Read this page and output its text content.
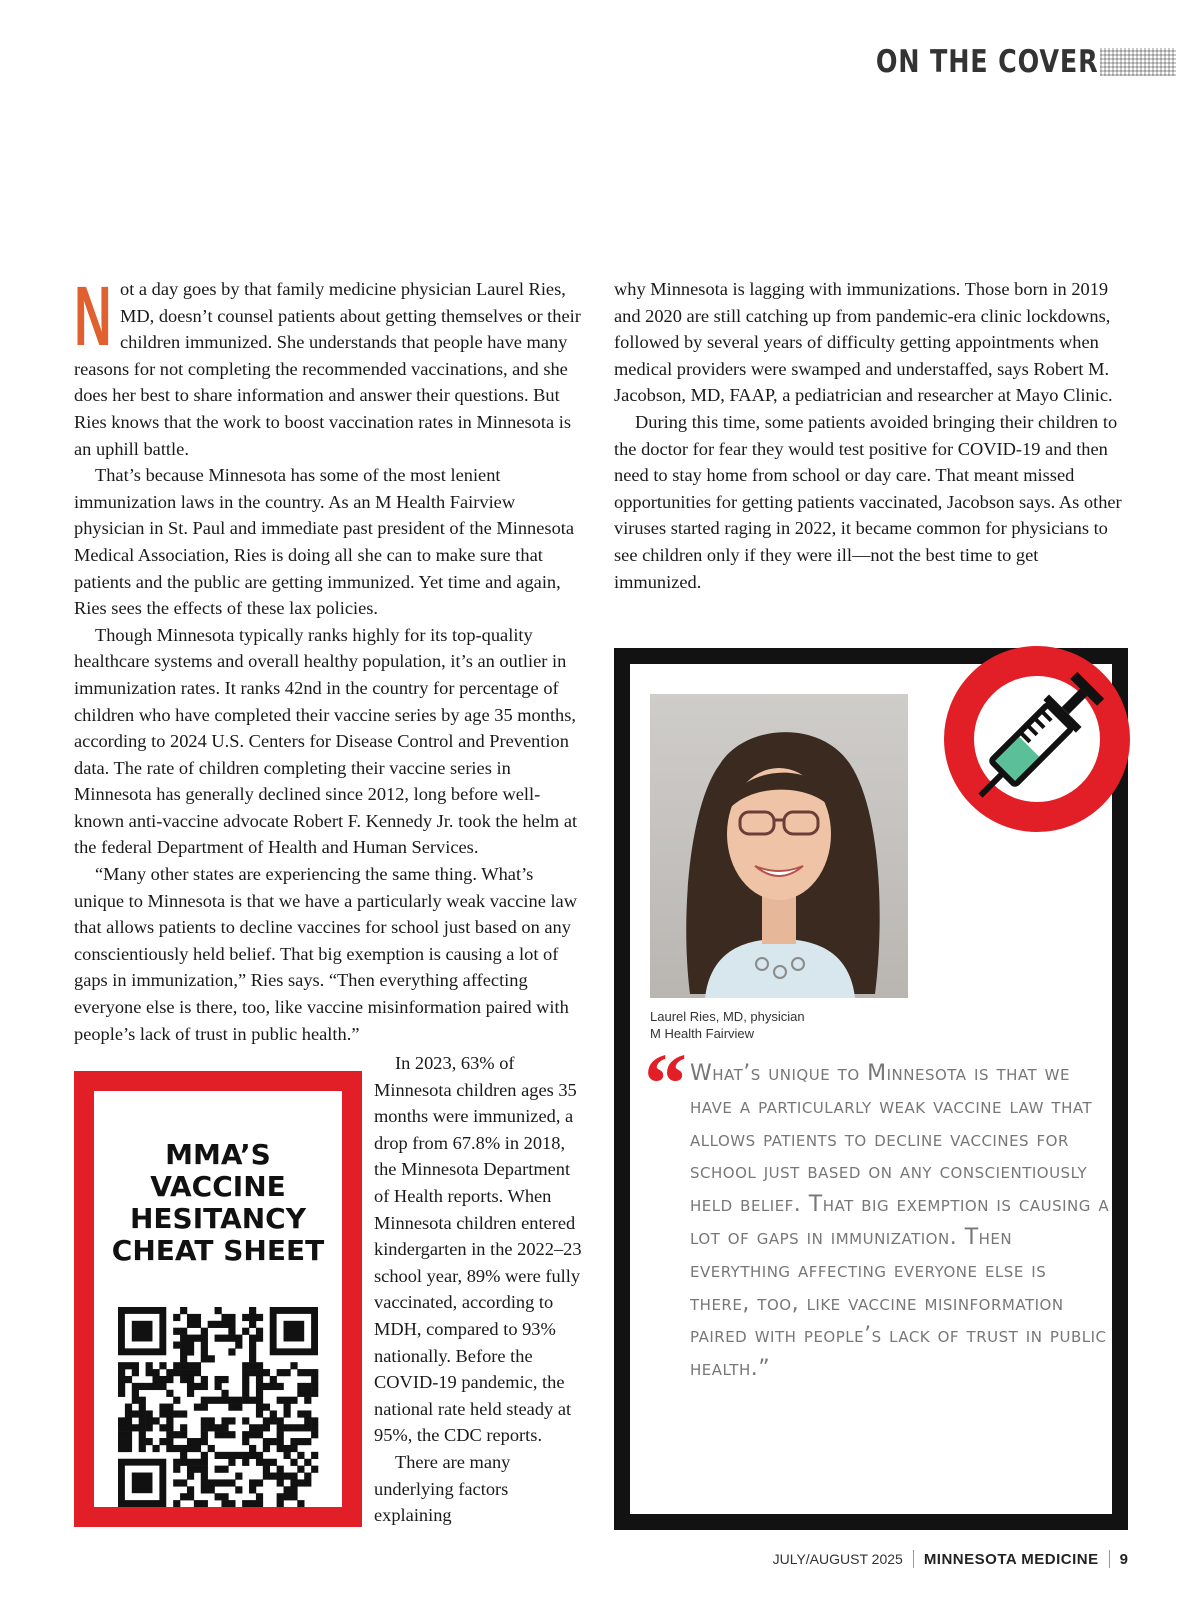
ON THE COVER

Not a day goes by that family medicine physician Laurel Ries, MD, doesn’t counsel patients about getting themselves or their children immunized. She understands that people have many reasons for not completing the recommended vaccinations, and she does her best to share information and answer their questions. But Ries knows that the work to boost vaccination rates in Minnesota is an uphill battle.

That’s because Minnesota has some of the most lenient immunization laws in the country. As an M Health Fairview physician in St. Paul and immediate past president of the Minnesota Medical Association, Ries is doing all she can to make sure that patients and the public are getting immunized. Yet time and again, Ries sees the effects of these lax policies.

Though Minnesota typically ranks highly for its top-quality healthcare systems and overall healthy population, it’s an outlier in immunization rates. It ranks 42nd in the country for percentage of children who have completed their vaccine series by age 35 months, according to 2024 U.S. Centers for Disease Control and Prevention data. The rate of children completing their vaccine series in Minnesota has generally declined since 2012, long before well-known anti-vaccine advocate Robert F. Kennedy Jr. took the helm at the federal Department of Health and Human Services.

“Many other states are experiencing the same thing. What’s unique to Minnesota is that we have a particularly weak vaccine law that allows patients to decline vaccines for school just based on any conscientiously held belief. That big exemption is causing a lot of gaps in immunization,” Ries says. “Then everything affecting everyone else is there, too, like vaccine misinformation paired with people’s lack of trust in public health.”

In 2023, 63% of Minnesota children ages 35 months were immunized, a drop from 67.8% in 2018, the Minnesota Department of Health reports. When Minnesota children entered kindergarten in the 2022–23 school year, 89% were fully vaccinated, according to MDH, compared to 93% nationally. Before the COVID-19 pandemic, the national rate held steady at 95%, the CDC reports.

There are many underlying factors explaining

why Minnesota is lagging with immunizations. Those born in 2019 and 2020 are still catching up from pandemic-era clinic lockdowns, followed by several years of difficulty getting appointments when medical providers were swamped and understaffed, says Robert M. Jacobson, MD, FAAP, a pediatrician and researcher at Mayo Clinic.

During this time, some patients avoided bringing their children to the doctor for fear they would test positive for COVID-19 and then need to stay home from school or day care. That meant missed opportunities for getting patients vaccinated, Jacobson says. As other viruses started raging in 2022, it became common for physicians to see children only if they were ill—not the best time to get immunized.

MMA’S
VACCINE
HESITANCY
CHEAT SHEET
Laurel Ries, MD, physician
M Health Fairview
“ What’s unique to Minnesota is that we have a particularly weak vaccine law that allows patients to decline vaccines for school just based on any conscientiously held belief. That big exemption is causing a lot of gaps in immunization. Then everything affecting everyone else is there, too, like vaccine misinformation paired with people’s lack of trust in public health.”
JULY/AUGUST 2025 MINNESOTA MEDICINE 9
